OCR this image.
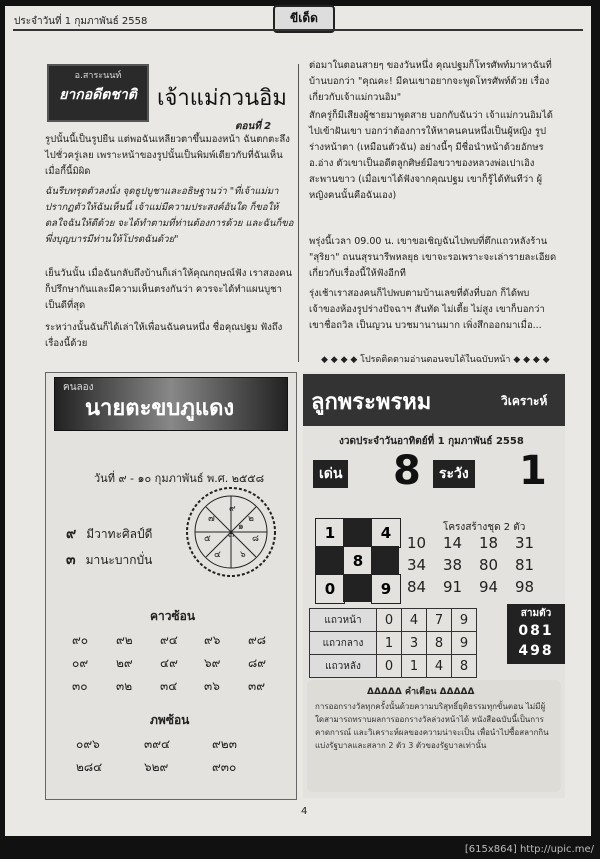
ประจำวันที่ 1 กุมภาพันธ์ 2558	ขีเด็ด
อ.สาระนนท์
ยากอดีตชาติ เจ้าแม่กวนอิม
ตอนที่ 2
รูปนั้นนี้เป็นรูปยืน แต่พอฉันเหลียวตาขึ้นมองหน้า ฉันตกตะลึงไปชั่วครู่เลย เพราะหน้าของรูปนั้นเป็นพิมพ์เดียวกับที่ฉันเห็นเมื่อกี้นี้มิผิด
ฉันรีบทรุดตัวลงนั่ง จุดธูปบูชาและอธิษฐานว่า "ที่เจ้าแม่มาปรากฏตัวให้ฉันเห็นนี้ เจ้าแม่มีความประสงค์อันใด ก็ขอให้ดลใจฉันให้ดีด้วย จะได้ทำตามที่ท่านต้องการด้วย และฉันก็ขอพึ่งบุญบารมีท่านให้โปรดฉันด้วย"
เย็นวันนั้น เมื่อฉันกลับถึงบ้านก็เล่าให้คุณกฤษณ์ฟัง เราสองคนก็ปรึกษากันและมีความเห็นตรงกันว่า ควรจะได้ทำแผนบูชาเป็นดีที่สุด
ระหว่างนั้นฉันก็ได้เล่าให้เพื่อนฉันคนหนึ่ง ชื่อคุณปฐม ฟังถึงเรื่องนี้ด้วย
ต่อมาในตอนสายๆ ของวันหนึ่ง คุณปฐมก็โทรศัพท์มาหาฉันที่บ้านบอกว่า "คุณคะ! มีคนเขาอยากจะพูดโทรศัพท์ด้วย เรื่องเกี่ยวกับเจ้าแม่กวนอิม"
สักครู่ก็มีเสียงผู้ชายมาพูดสาย บอกกับฉันว่า เจ้าแม่กวนอิมได้ไปเข้าฝันเขา บอกว่าต้องการให้หาคนคนหนึ่งเป็นผู้หญิง รูปร่างหน้าตา (เหมือนตัวฉัน) อย่างนี้ๆ มีชื่อนำหน้าด้วยอักษร อ.อ่าง ตัวเขาเป็นอดีตลูกศิษย์มือขวาของหลวงพ่อเปาเอิง สะพานขาว (เมื่อเขาได้ฟังจากคุณปฐม เขาก็รู้ได้ทันทีว่า ผู้หญิงคนนั้นคือฉันเอง)
พรุ่งนี้เวลา 09.00 น. เขาขอเชิญฉันไปพบที่ตึกแถวหลังร้าน "สุริยา" ถนนสุรนารีพหลยุธ เขาจะรอเพราะจะเล่ารายละเอียดเกี่ยวกับเรื่องนี้ให้ฟังอีกที
รุ่งเช้าเราสองคนก็ไปพบตามบ้านเลขที่ดังที่บอก ก็ได้พบเจ้าของห้องรูปร่างปัจฉาฯ สันทัด ไม่เตี้ย ไม่สูง เขาก็บอกว่า เขาชื่อถวิล เป็นญวน บวชมานานมาก เพิ่งสึกออกมาเมื่อ...
◆ ◆ ◆ ◆ โปรดติดตามอ่านตอนจบได้ในฉบับหน้า ◆ ◆ ◆ ◆
ฅนลอง
นายตะขบภูแดง
วันที่ ๙ - ๑๐ กุมภาพันธ์ พ.ศ. ๒๕๕๘
๙
๒
๘
๖
๓
๔
๕
๗
๑
๙ มีวาทะศิลป์ดี
๓ มานะบากบั่น
คาวซ้อน
๙๐	๙๒	๙๔	๙๖	๙๘
๐๙	๒๙	๔๙	๖๙	๘๙
๓๐	๓๒	๓๔	๓๖	๓๙
ภพซ้อน
๐๙๖	๓๙๔	๙๒๓
๒๘๔	๖๒๙	๙๓๐
ลูกพระพรหม	วิเคราะห์
งวดประจำวันอาทิตย์ที่ 1 กุมภาพันธ์ 2558
เด่น 8	ระวัง 1
1	4
8
0	9
โครงสร้างชุด 2 ตัว
10	14	18	31
34	38	80	81
84	91	94	98
แถวหน้า	0	4	7	9
แถวกลาง	1	3	8	9
แถวหลัง	0	1	4	8
สามตัว
081
498
ΔΔΔΔΔ คำเตือน ΔΔΔΔΔ
การออกรางวัลทุกครั้งนั้นด้วยความบริสุทธิ์ยุติธรรมทุกขั้นตอน ไม่มีผู้ใดสามารถทราบผลการออกรางวัลล่วงหน้าได้ หนังสือฉบับนี้เป็นการคาดการณ์ และวิเคราะห์ผลของความน่าจะเป็น เพื่อนำไปซื้อสลากกินแบ่งรัฐบาลและสลาก 2 ตัว 3 ตัวของรัฐบาลเท่านั้น
4
[615x864] http://upic.me/
